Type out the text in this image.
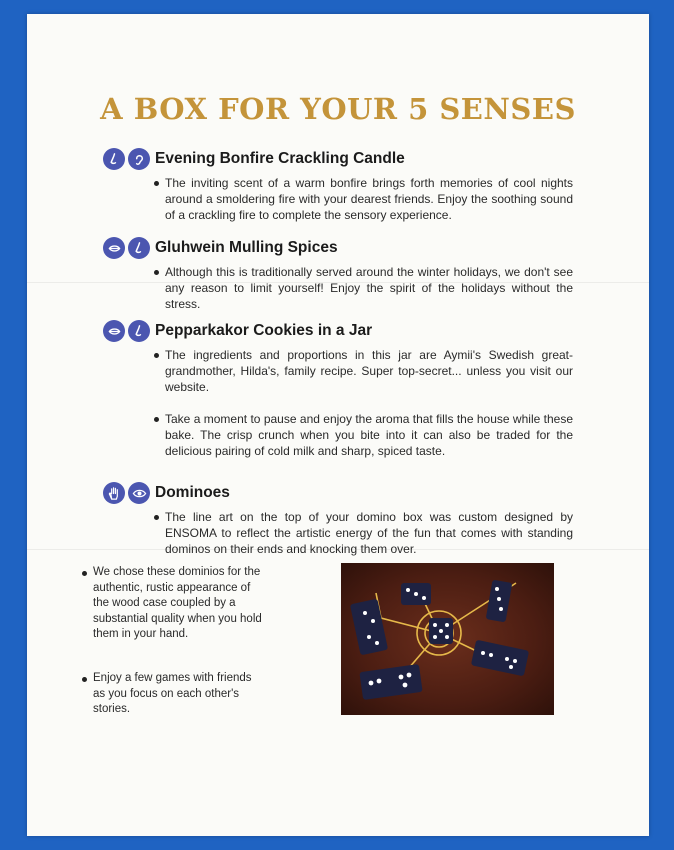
A BOX FOR YOUR 5 SENSES
Evening Bonfire Crackling Candle
The inviting scent of a warm bonfire brings forth memories of cool nights around a smoldering fire with your dearest friends. Enjoy the soothing sound of a crackling fire to complete the sensory experience.
Gluhwein Mulling Spices
Although this is traditionally served around the winter holidays, we don't see any reason to limit yourself! Enjoy the spirit of the holidays without the stress.
Pepparkakor Cookies in a Jar
The ingredients and proportions in this jar are Aymii's Swedish great-grandmother, Hilda's, family recipe. Super top-secret... unless you visit our website.
Take a moment to pause and enjoy the aroma that fills the house while these bake. The crisp crunch when you bite into it can also be traded for the delicious pairing of cold milk and sharp, spiced taste.
Dominoes
The line art on the top of your domino box was custom designed by ENSOMA to reflect the artistic energy of the fun that comes with standing dominos on their ends and knocking them over.
We chose these dominios for the authentic, rustic appearance of the wood case coupled by a substantial quality when you hold them in your hand.
Enjoy a few games with friends as you focus on each other's stories.
